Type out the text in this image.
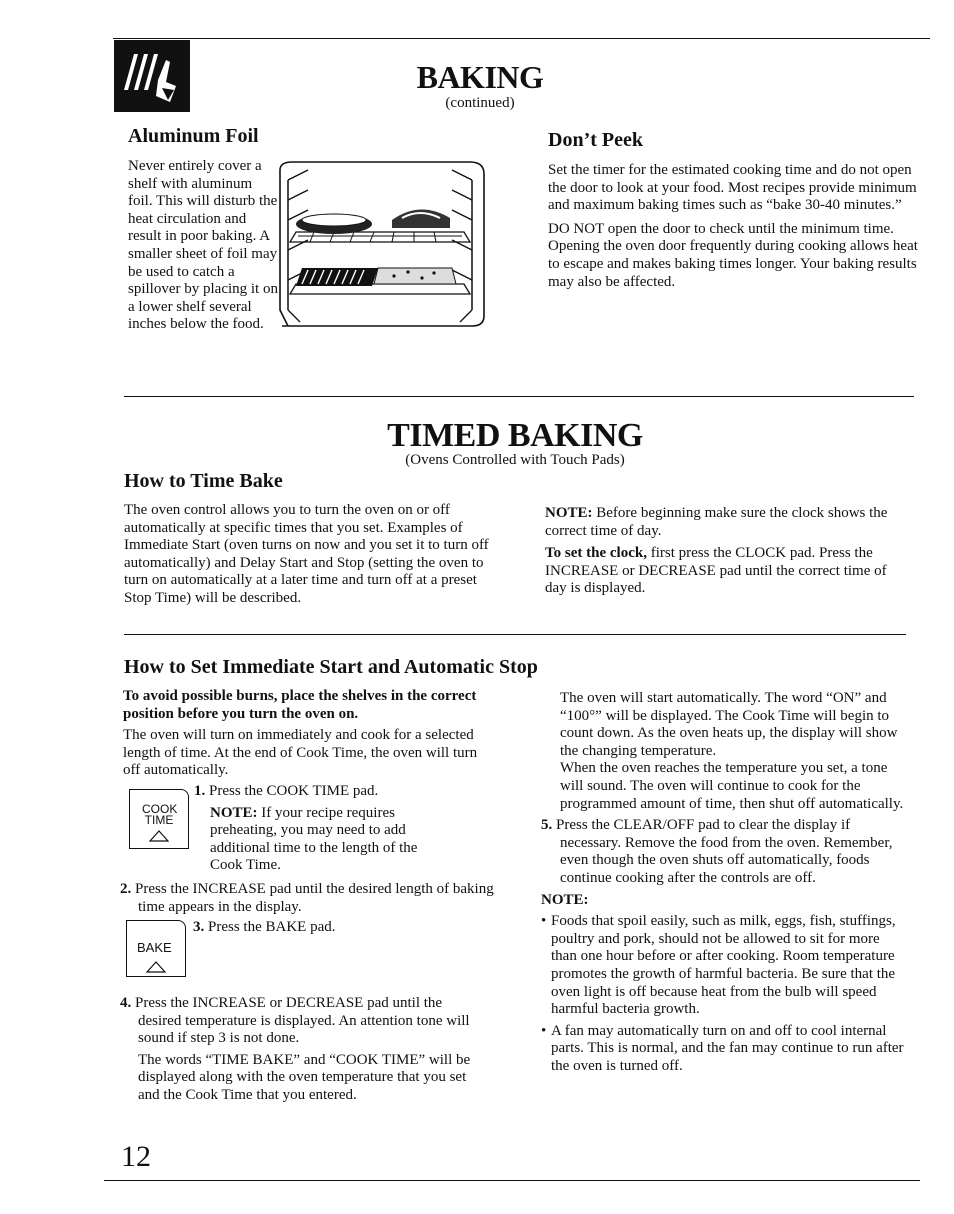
BAKING
(continued)
Aluminum Foil
Never entirely cover a shelf with aluminum foil. This will disturb the heat circulation and result in poor baking. A smaller sheet of foil may be used to catch a spillover by placing it on a lower shelf several inches below the food.
Don’t Peek

Set the timer for the estimated cooking time and do not open the door to look at your food. Most recipes provide minimum and maximum baking times such as “bake 30-40 minutes.”

DO NOT open the door to check until the minimum time. Opening the oven door frequently during cooking allows heat to escape and makes baking times longer. Your baking results may also be affected.

TIMED BAKING
(Ovens Controlled with Touch Pads)
How to Time Bake
The oven control allows you to turn the oven on or off automatically at specific times that you set. Examples of Immediate Start (oven turns on now and you set it to turn off automatically) and Delay Start and Stop (setting the oven to turn on automatically at a later time and turn off at a preset Stop Time) will be described.

NOTE: Before beginning make sure the clock shows the correct time of day.

To set the clock, first press the CLOCK pad. Press the INCREASE or DECREASE pad until the correct time of day is displayed.

How to Set Immediate Start and Automatic Stop

To avoid possible burns, place the shelves in the correct position before you turn the oven on.

The oven will turn on immediately and cook for a selected length of time. At the end of Cook Time, the oven will turn off automatically.

COOK
TIME

1. Press the COOK TIME pad.

NOTE: If your recipe requires preheating, you may need to add additional time to the length of the Cook Time.

2. Press the INCREASE pad until the desired length of baking time appears in the display.
BAKE
3. Press the BAKE pad.

4. Press the INCREASE or DECREASE pad until the desired temperature is displayed. An attention tone will sound if step 3 is not done.

The words “TIME BAKE” and “COOK TIME” will be displayed along with the oven temperature that you set and the Cook Time that you entered.

The oven will start automatically. The word “ON” and “100°” will be displayed. The Cook Time will begin to count down. As the oven heats up, the display will show the changing temperature.

When the oven reaches the temperature you set, a tone will sound. The oven will continue to cook for the programmed amount of time, then shut off automatically.

5. Press the CLEAR/OFF pad to clear the display if necessary. Remove the food from the oven. Remember, even though the oven shuts off automatically, foods continue cooking after the controls are off.

NOTE:

• Foods that spoil easily, such as milk, eggs, fish, stuffings, poultry and pork, should not be allowed to sit for more than one hour before or after cooking. Room temperature promotes the growth of harmful bacteria. Be sure that the oven light is off because heat from the bulb will speed harmful bacteria growth.
• A fan may automatically turn on and off to cool internal parts. This is normal, and the fan may continue to run after the oven is turned off.
12
